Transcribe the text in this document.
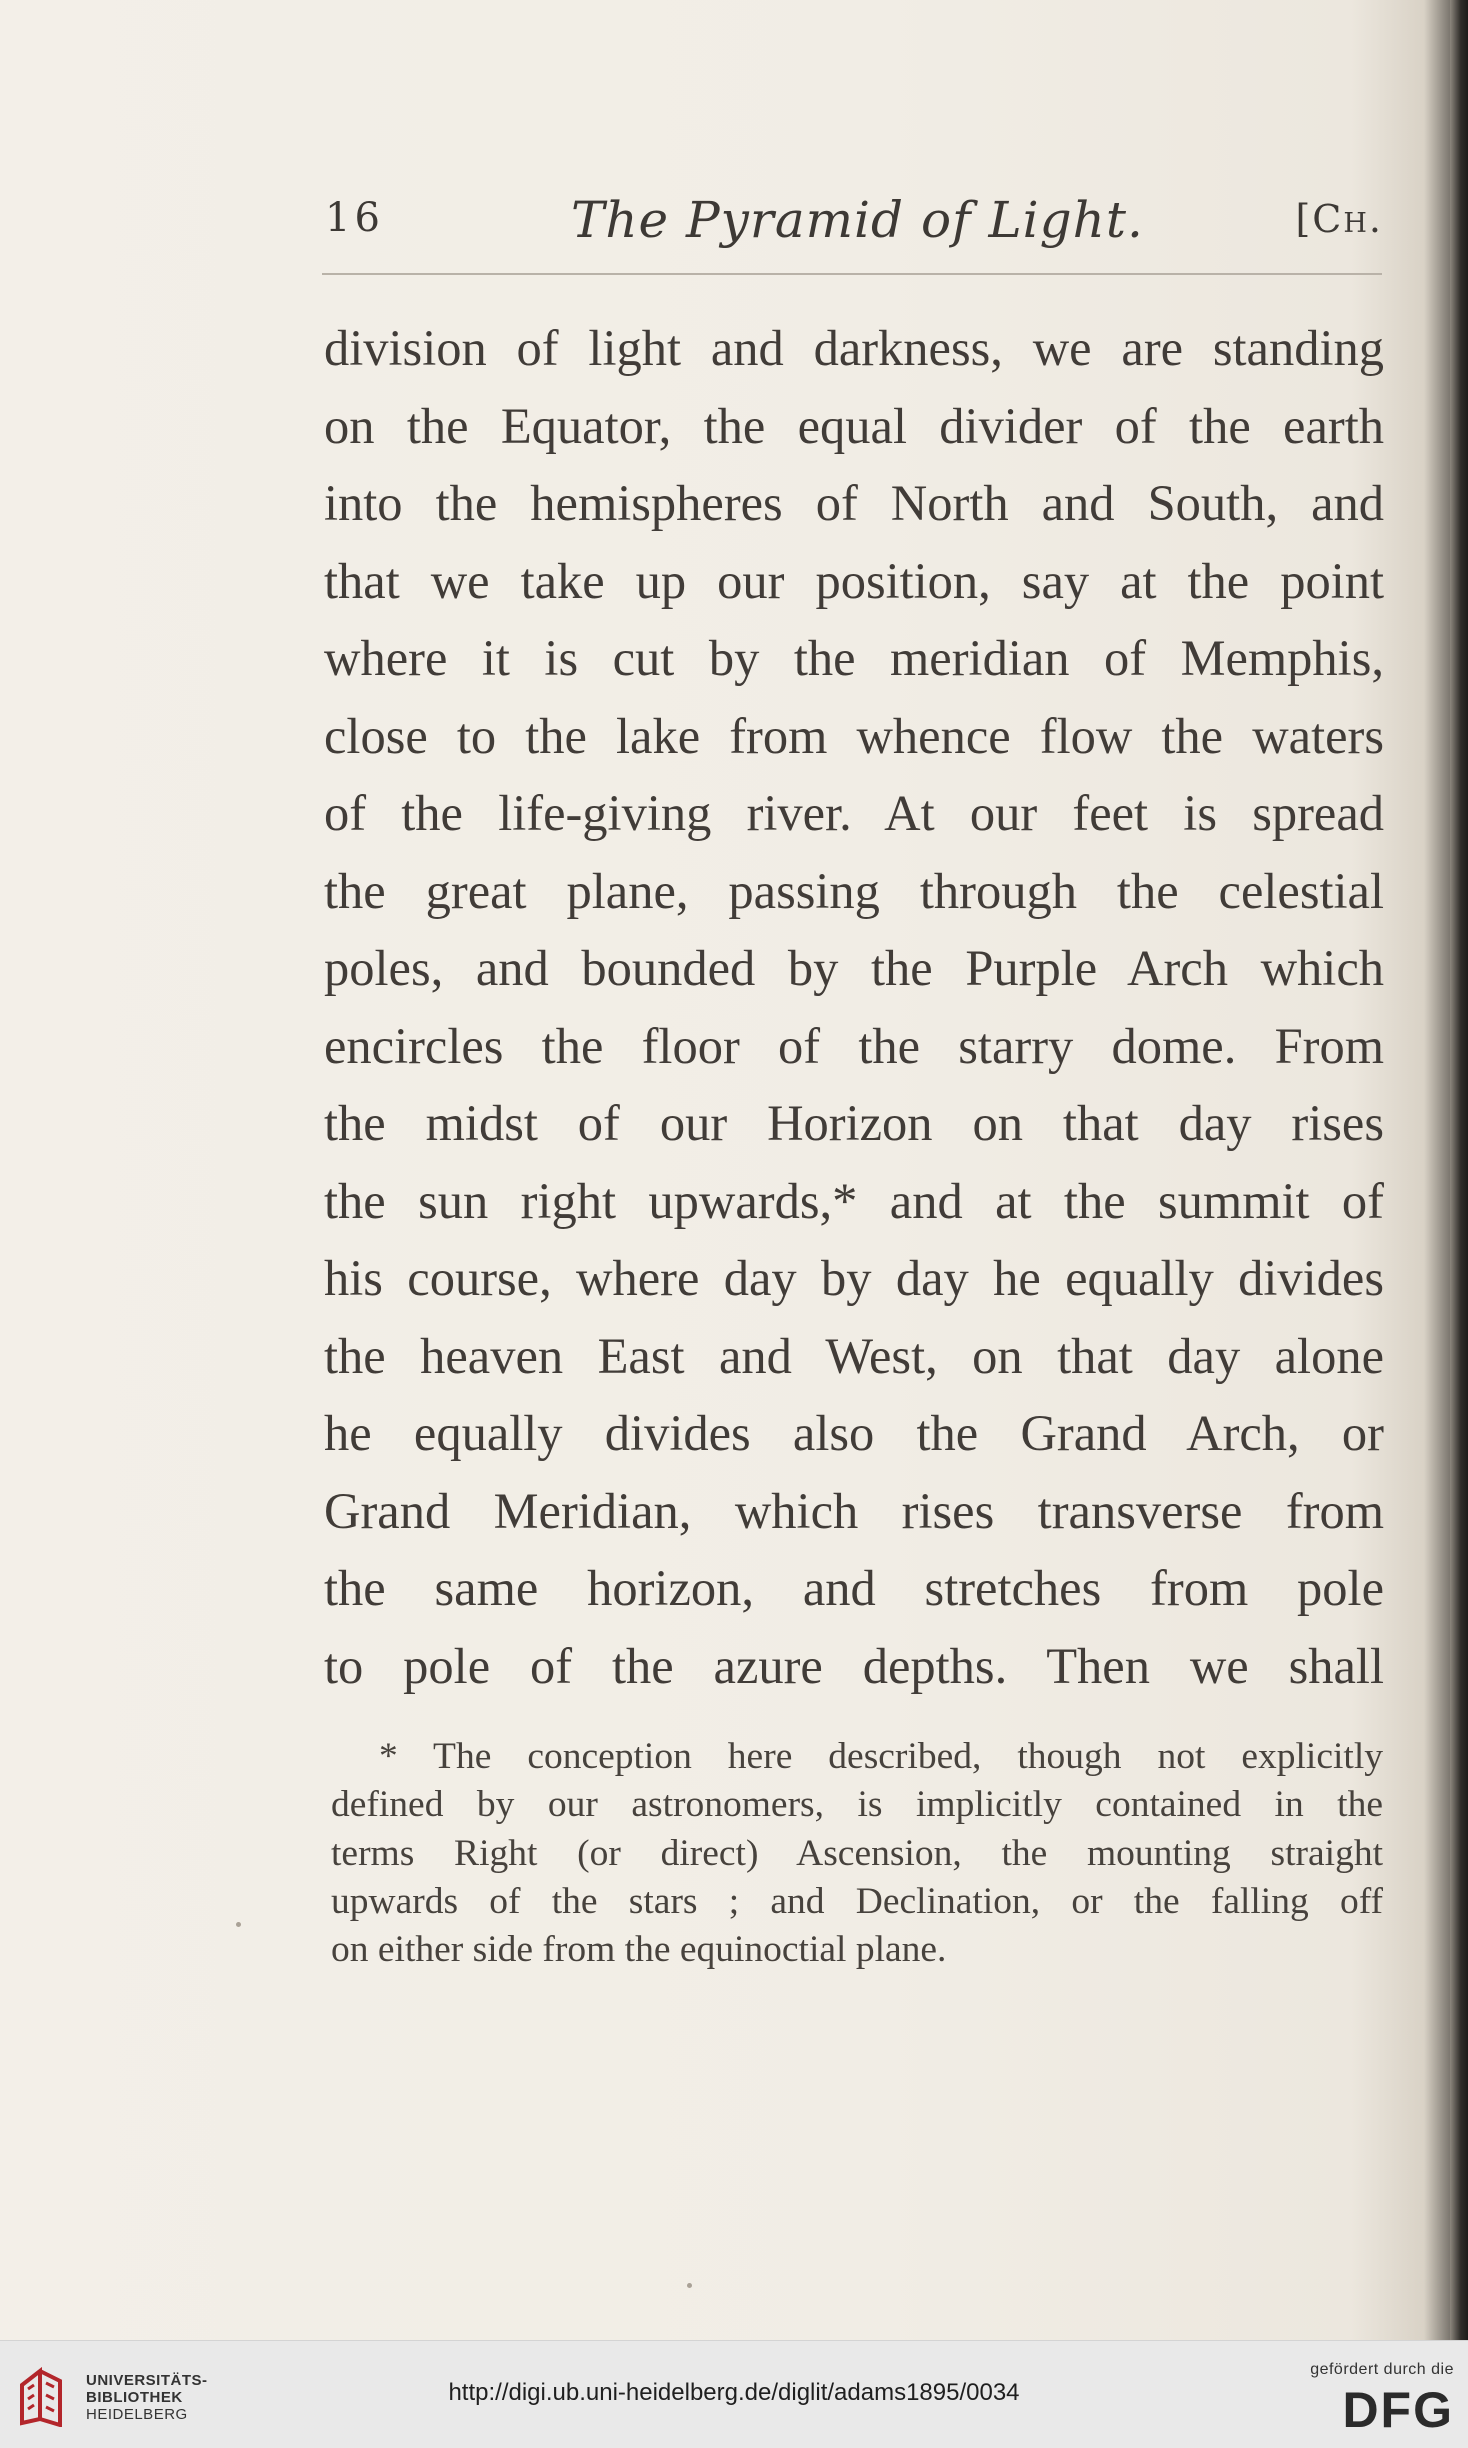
16	The Pyramid of Light.	[Ch.
division of light and darkness, we are standing
on the Equator, the equal divider of the earth
into the hemispheres of North and South, and
that we take up our position, say at the point
where it is cut by the meridian of Memphis,
close to the lake from whence flow the waters
of the life-giving river. At our feet is spread
the great plane, passing through the celestial
poles, and bounded by the Purple Arch which
encircles the floor of the starry dome. From
the midst of our Horizon on that day rises
the sun right upwards,* and at the summit of
his course, where day by day he equally divides
the heaven East and West, on that day alone
he equally divides also the Grand Arch, or
Grand Meridian, which rises transverse from
the same horizon, and stretches from pole
to pole of the azure depths. Then we shall
* The conception here described, though not explicitly
defined by our astronomers, is implicitly contained in the
terms Right (or direct) Ascension, the mounting straight
upwards of the stars ; and Declination, or the falling off
on either side from the equinoctial plane.
UNIVERSITÄTS-
BIBLIOTHEK
HEIDELBERG
http://digi.ub.uni-heidelberg.de/diglit/adams1895/0034
gefördert durch die
DFG
